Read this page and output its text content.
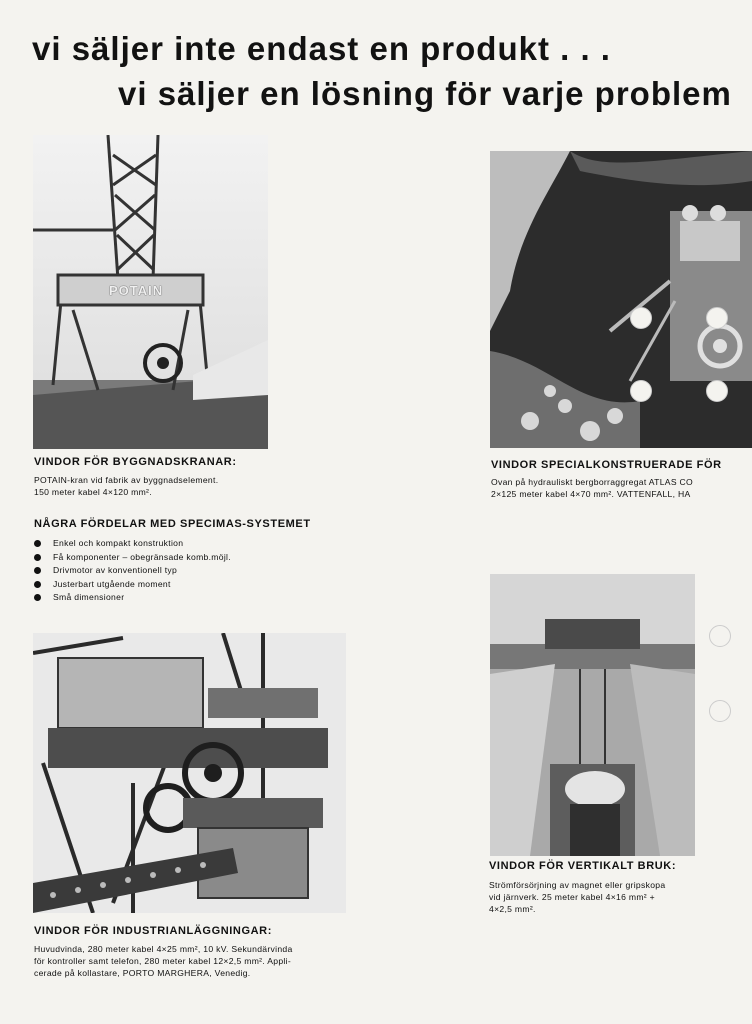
vi säljer inte endast en produkt . . .
vi säljer en lösning för varje problem
POTAIN
VINDOR FÖR BYGGNADSKRANAR:
POTAIN-kran vid fabrik av byggnadselement.
150 meter kabel 4×120 mm².
NÅGRA FÖRDELAR MED SPECIMAS-SYSTEMET
Enkel och kompakt konstruktion
Få komponenter – obegränsade komb.möjl.
Drivmotor av konventionell typ
Justerbart utgående moment
Små dimensioner
VINDOR SPECIALKONSTRUERADE FÖR
Ovan på hydrauliskt bergborraggregat ATLAS CO
2×125 meter kabel 4×70 mm². VATTENFALL, HA
VINDOR FÖR VERTIKALT BRUK:
Strömförsörjning av magnet eller gripskopa
vid järnverk. 25 meter kabel 4×16 mm² +
4×2,5 mm².
VINDOR FÖR INDUSTRIANLÄGGNINGAR:
Huvudvinda, 280 meter kabel 4×25 mm², 10 kV. Sekundärvinda
för kontroller samt telefon, 280 meter kabel 12×2,5 mm². Appli-
cerade på kollastare, PORTO MARGHERA, Venedig.
